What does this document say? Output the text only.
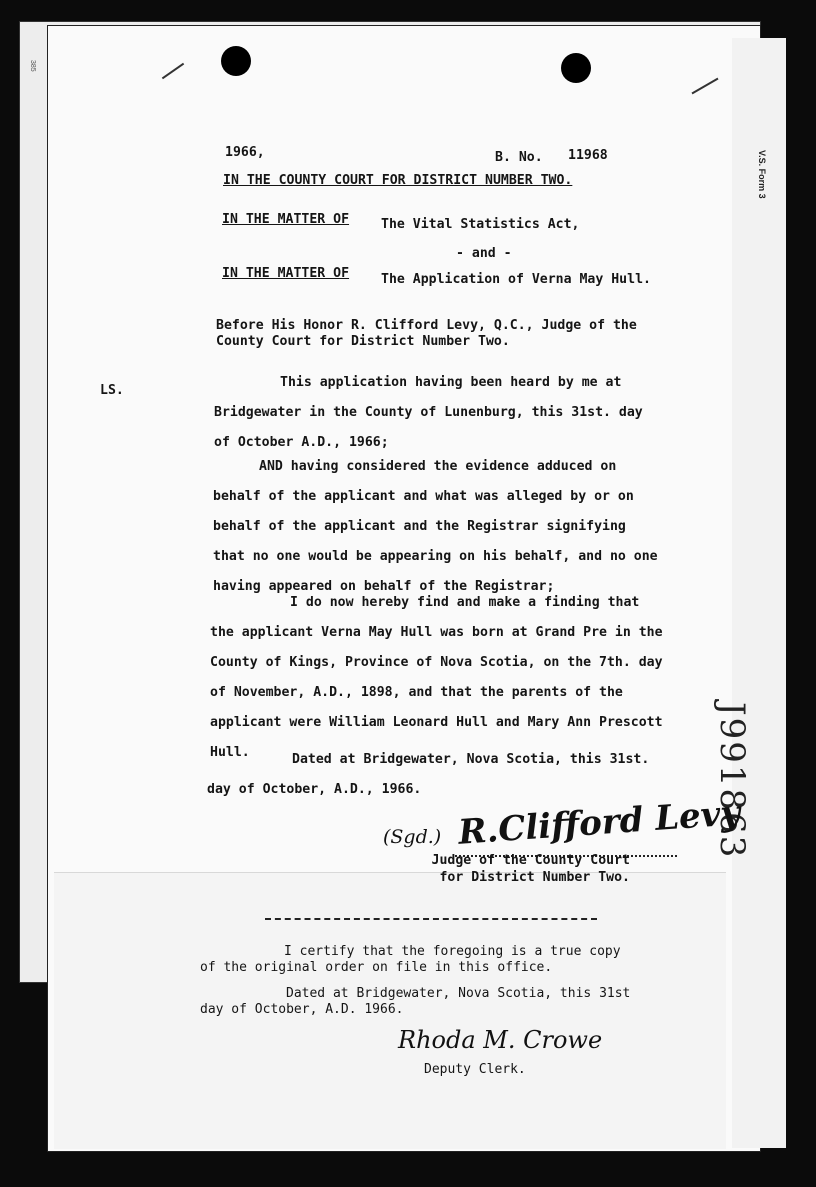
385
V.S. Form 3
J991863
1966,	B. No. 11968
IN THE COUNTY COURT FOR DISTRICT NUMBER TWO.
IN THE MATTER OF The Vital Statistics Act,
- and -
IN THE MATTER OF The Application of Verna May Hull.
Before His Honor R. Clifford Levy, Q.C., Judge of the
County Court for District Number Two.
LS.
This application having been heard by me at
Bridgewater in the County of Lunenburg, this 31st. day
of October A.D., 1966;
AND having considered the evidence adduced on
behalf of the applicant and what was alleged by or on
behalf of the applicant and the Registrar signifying
that no one would be appearing on his behalf, and no one
having appeared on behalf of the Registrar;
I do now hereby find and make a finding that
the applicant Verna May Hull was born at Grand Pre in the
County of Kings, Province of Nova Scotia, on the 7th. day
of November, A.D., 1898, and that the parents of the
applicant were William Leonard Hull and Mary Ann Prescott
Hull.	Dated at Bridgewater, Nova Scotia, this 31st.
day of October, A.D., 1966.
(Sgd.) R.Clifford Levy
Judge of the County Court
for District Number Two.
I certify that the foregoing is a true copy
of the original order on file in this office.
Dated at Bridgewater, Nova Scotia, this 31st
day of October, A.D. 1966.
Rhoda M. Crowe
Deputy Clerk.
